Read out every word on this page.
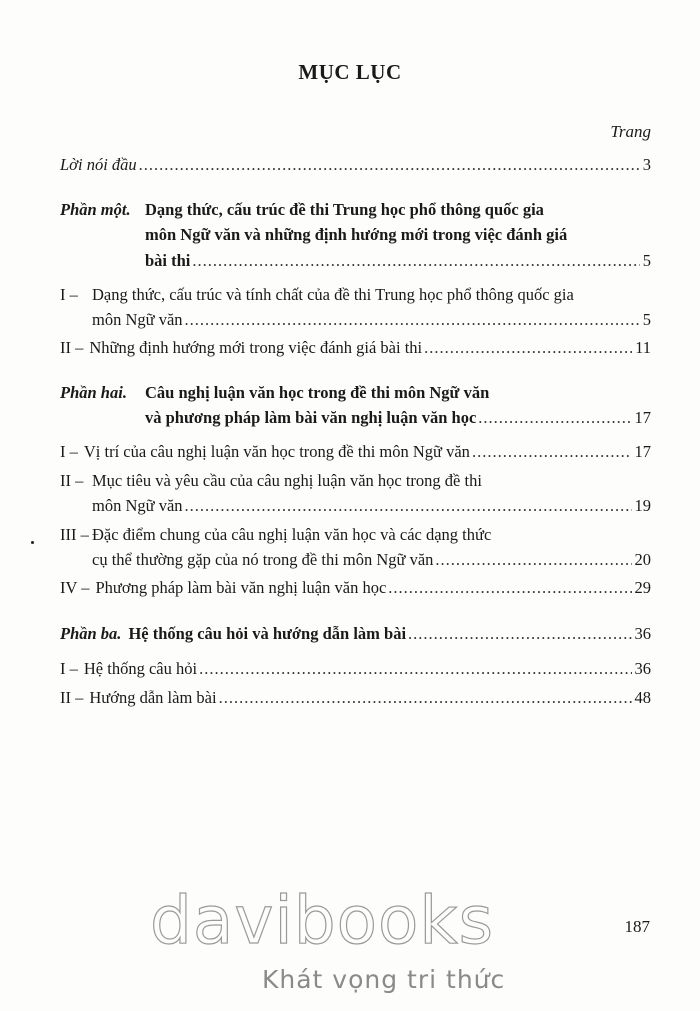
MỤC LỤC
Trang
Lời nói đầu .....	3
Phần một. Dạng thức, cấu trúc đề thi Trung học phổ thông quốc gia
môn Ngữ văn và những định hướng mới trong việc đánh giá
bài thi .....	5
I – Dạng thức, cấu trúc và tính chất của đề thi Trung học phổ thông quốc gia
môn Ngữ văn .....	5
II – Những định hướng mới trong việc đánh giá bài thi .....	11
Phần hai. Câu nghị luận văn học trong đề thi môn Ngữ văn
và phương pháp làm bài văn nghị luận văn học .....	17
I – Vị trí của câu nghị luận văn học trong đề thi môn Ngữ văn .....	17
II – Mục tiêu và yêu cầu của câu nghị luận văn học trong đề thi
môn Ngữ văn .....	19
III – Đặc điểm chung của câu nghị luận văn học và các dạng thức
cụ thể thường gặp của nó trong đề thi môn Ngữ văn .....	20
IV – Phương pháp làm bài văn nghị luận văn học .....	29
Phần ba. Hệ thống câu hỏi và hướng dẫn làm bài .....	36
I – Hệ thống câu hỏi .....	36
II – Hướng dẫn làm bài .....	48
187
davibooks
Khát vọng tri thức
